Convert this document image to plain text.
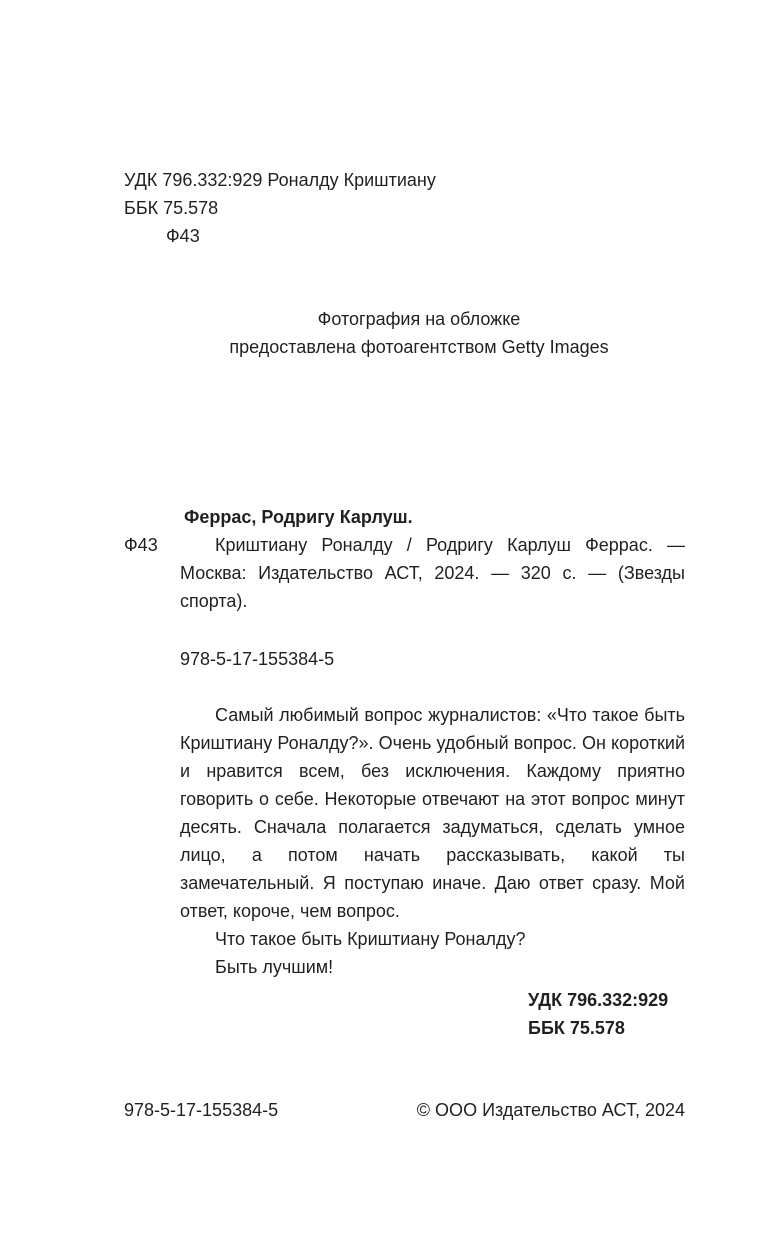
УДК 796.332:929 Роналду Криштиану
ББК 75.578
Ф43
Фотография на обложке
предоставлена фотоагентством Getty Images
Феррас, Родригу Карлуш.
Ф43	Криштиану Роналду / Родригу Карлуш Феррас. — Москва: Издательство АСТ, 2024. — 320 с. — (Звезды спорта).
978-5-17-155384-5

Самый любимый вопрос журналистов: «Что такое быть Криштиану Роналду?». Очень удобный вопрос. Он короткий и нравится всем, без исключения. Каждому приятно говорить о себе. Некоторые отвечают на этот вопрос минут десять. Сначала полагается задуматься, сделать умное лицо, а потом начать рассказывать, какой ты замечательный. Я поступаю иначе. Даю ответ сразу. Мой ответ, короче, чем вопрос.

Что такое быть Криштиану Роналду?

Быть лучшим!

УДК 796.332:929
ББК 75.578
978-5-17-155384-5	© ООО Издательство АСТ, 2024
